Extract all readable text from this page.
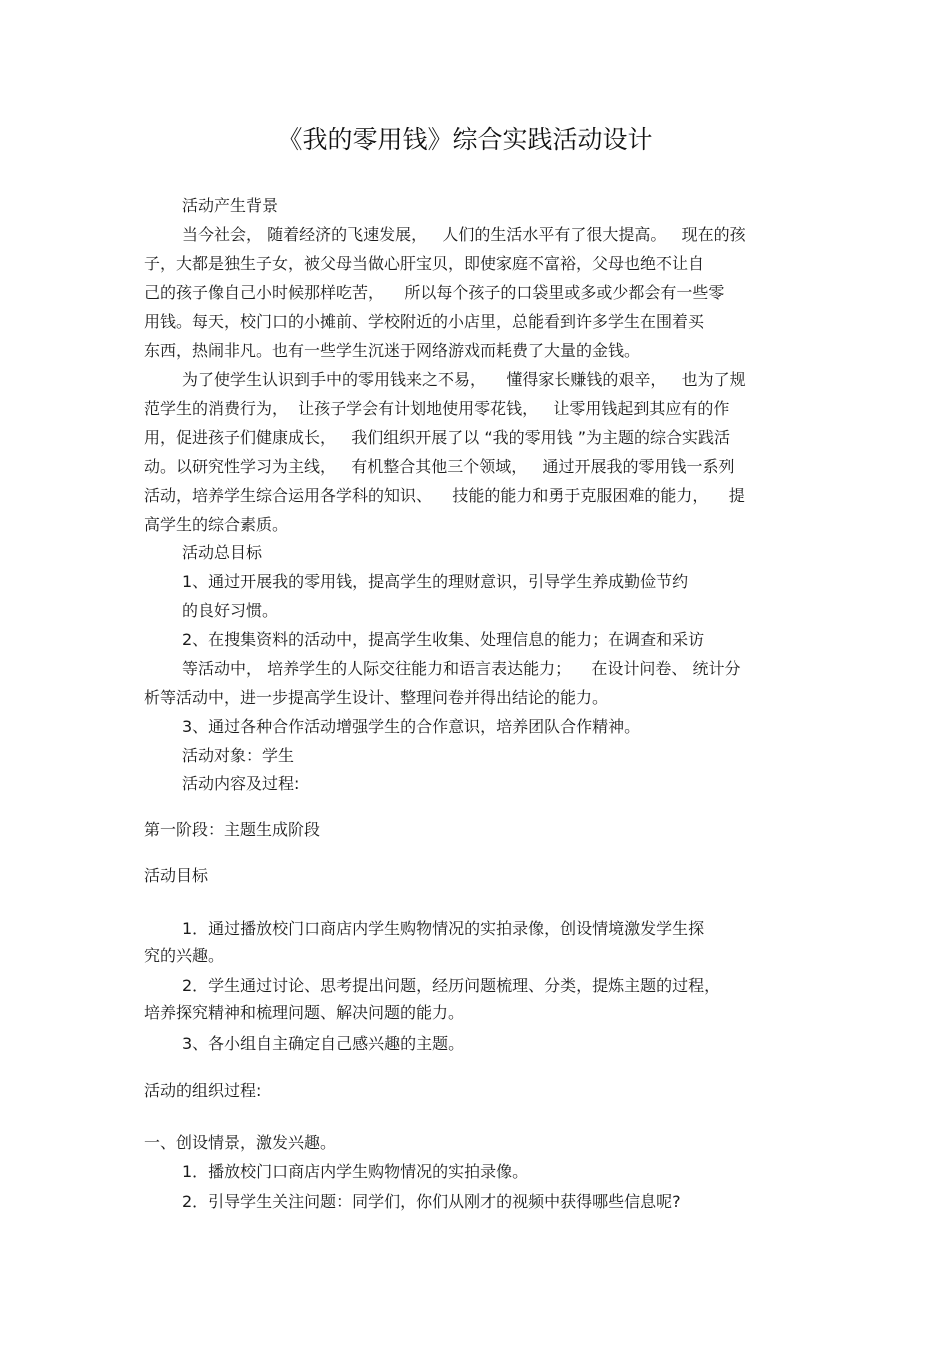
《我的零用钱》综合实践活动设计
活动产生背景
当今社会， 随着经济的飞速发展，   人们的生活水平有了很大提高。   现在的孩
子，大都是独生子女，被父母当做心肝宝贝，即使家庭不富裕，父母也绝不让自
己的孩子像自己小时候那样吃苦，    所以每个孩子的口袋里或多或少都会有一些零
用钱。每天，校门口的小摊前、学校附近的小店里，总能看到许多学生在围着买
东西，热闹非凡。也有一些学生沉迷于网络游戏而耗费了大量的金钱。
为了使学生认识到手中的零用钱来之不易，    懂得家长赚钱的艰辛，   也为了规
范学生的消费行为，  让孩子学会有计划地使用零花钱，   让零用钱起到其应有的作
用，促进孩子们健康成长，   我们组织开展了以 “我的零用钱 ”为主题的综合实践活
动。以研究性学习为主线，   有机整合其他三个领域，   通过开展我的零用钱一系列
活动，培养学生综合运用各学科的知识、    技能的能力和勇于克服困难的能力，    提
高学生的综合素质。
活动总目标
1、通过开展我的零用钱，提高学生的理财意识，引导学生养成勤俭节约
的良好习惯。
2、在搜集资料的活动中，提高学生收集、处理信息的能力；在调查和采访
等活动中， 培养学生的人际交往能力和语言表达能力；    在设计问卷、 统计分
析等活动中，进一步提高学生设计、整理问卷并得出结论的能力。
3、通过各种合作活动增强学生的合作意识，培养团队合作精神。
活动对象：学生
活动内容及过程:
第一阶段：主题生成阶段
活动目标
1．通过播放校门口商店内学生购物情况的实拍录像，创设情境激发学生探
究的兴趣。
2．学生通过讨论、思考提出问题，经历问题梳理、分类，提炼主题的过程，
培养探究精神和梳理问题、解决问题的能力。
3、各小组自主确定自己感兴趣的主题。
活动的组织过程:
一、创设情景，激发兴趣。
1．播放校门口商店内学生购物情况的实拍录像。
2．引导学生关注问题：同学们，你们从刚才的视频中获得哪些信息呢?
